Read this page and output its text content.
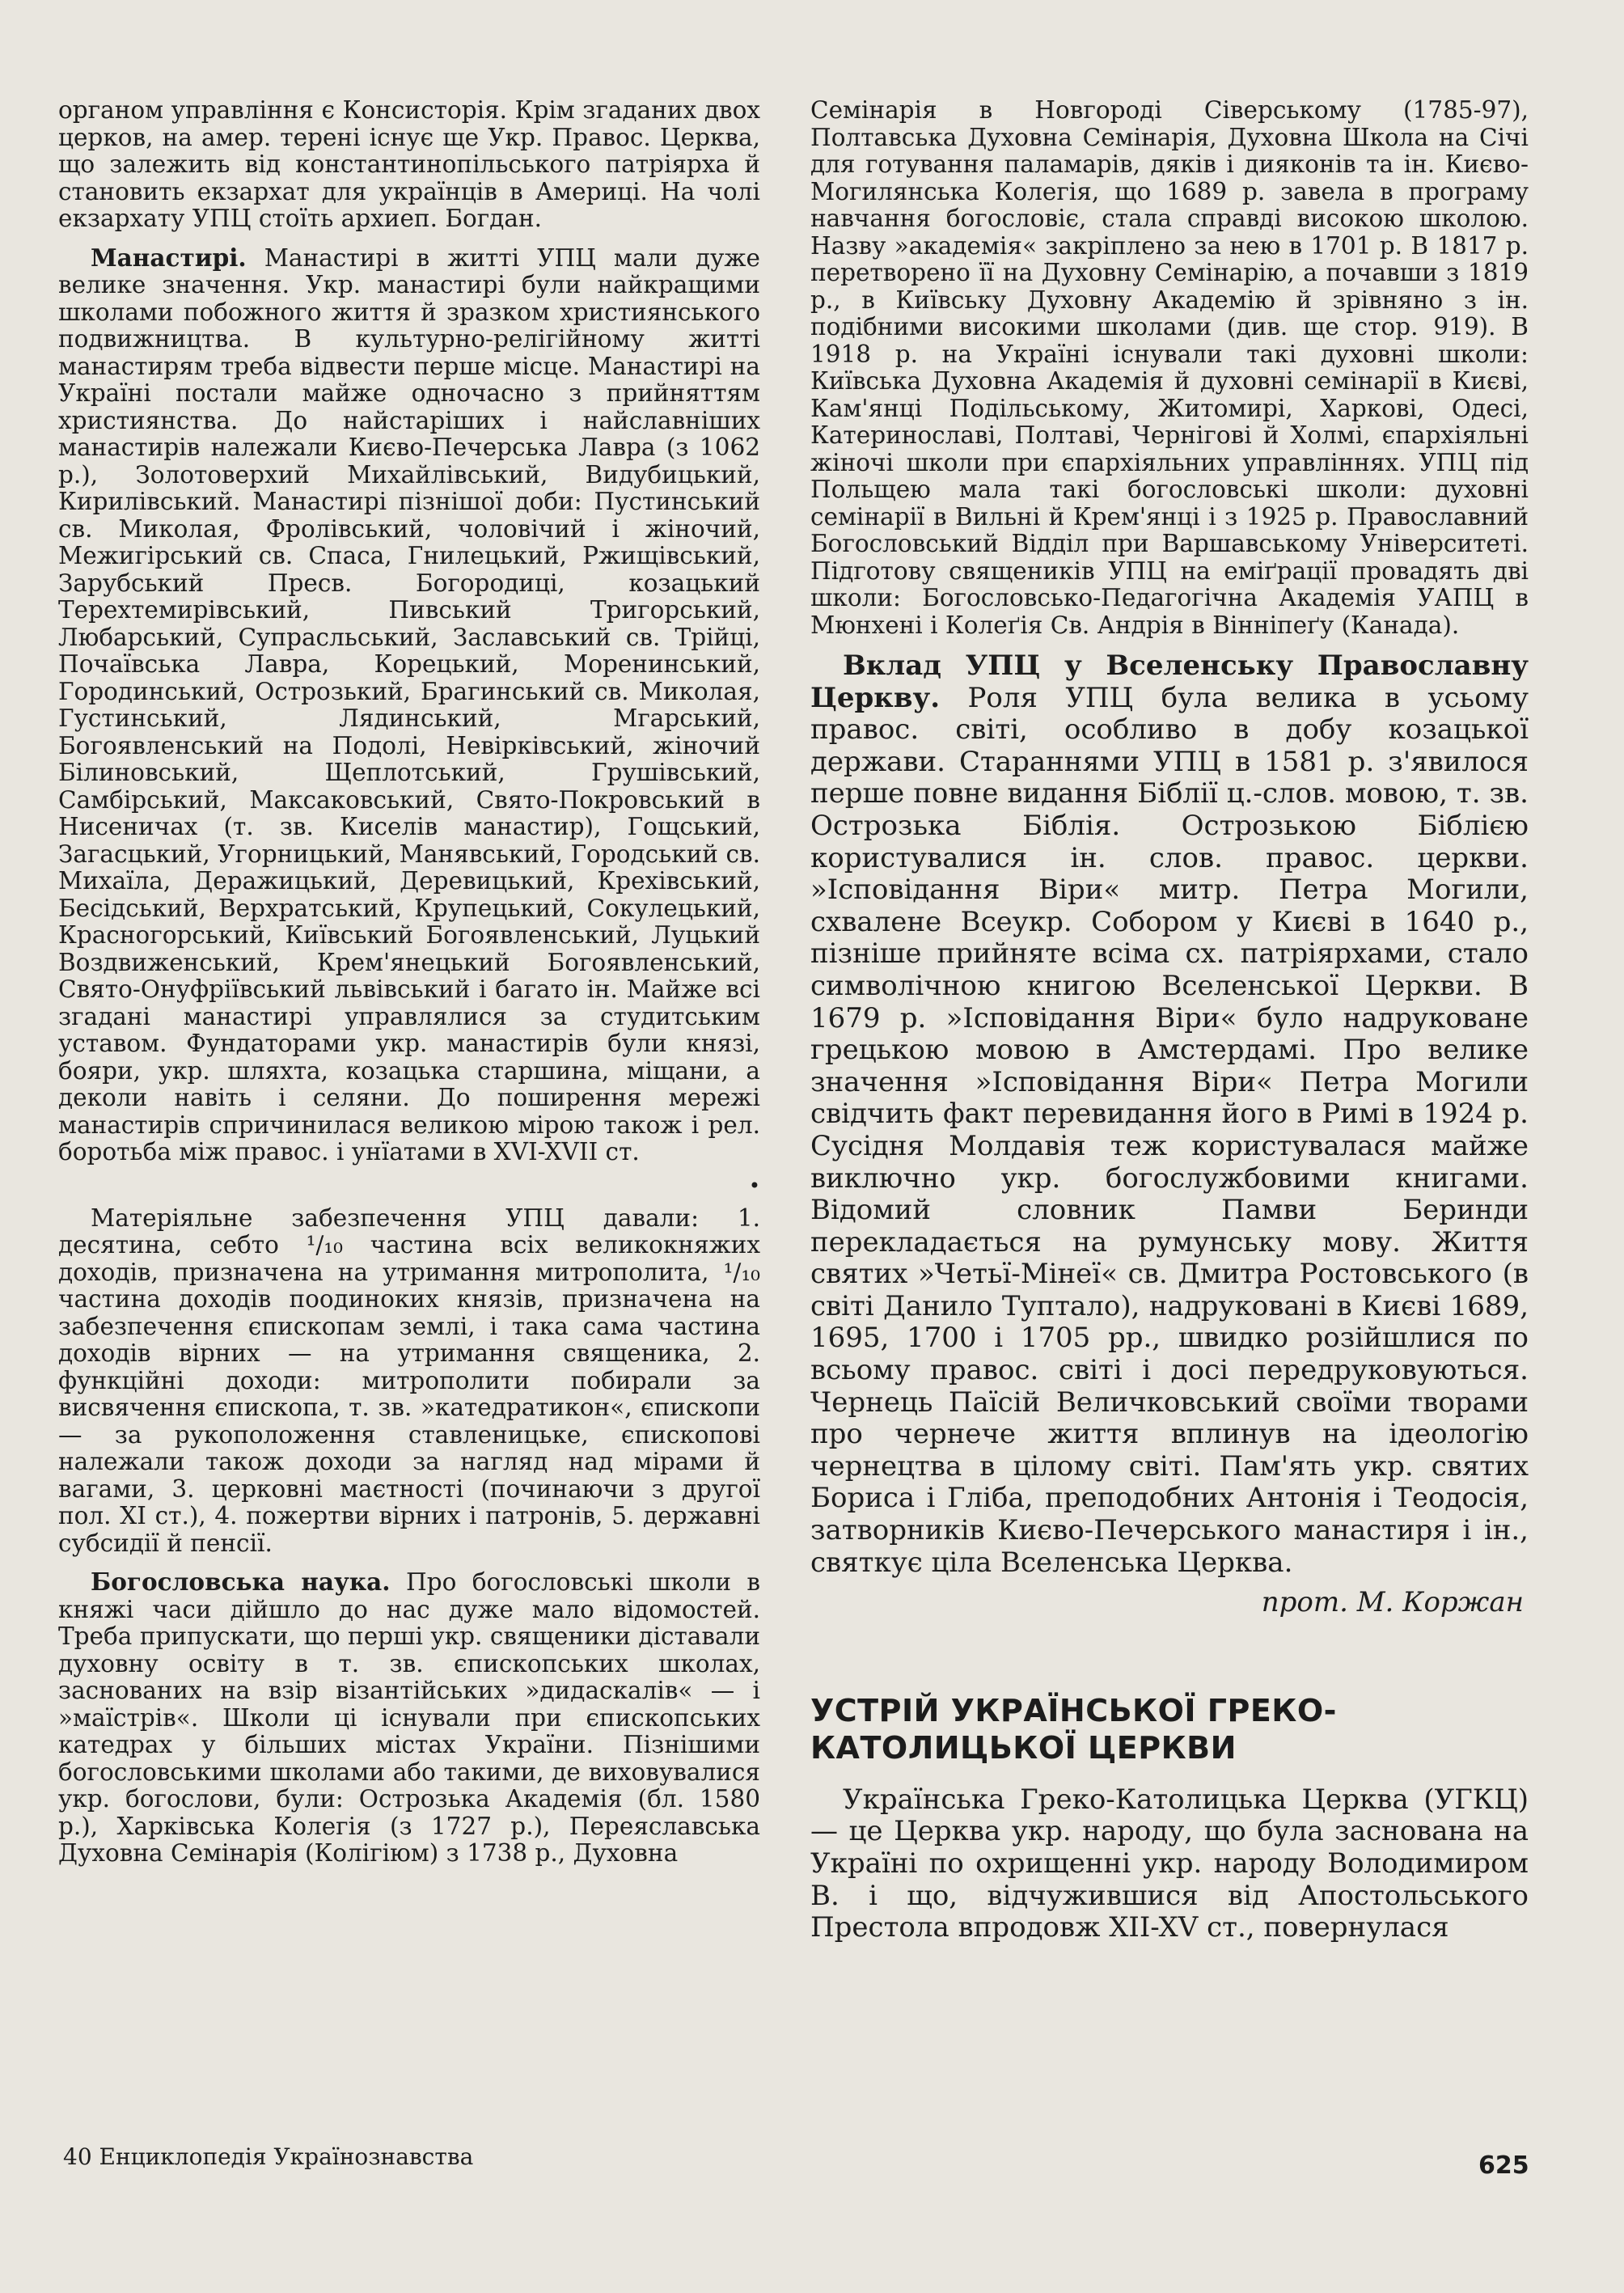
органом управління є Консисторія. Крім згаданих двох церков, на амер. терені існує ще Укр. Правос. Церква, що залежить від константинопільського патріярха й становить екзархат для українців в Америці. На чолі екзархату УПЦ стоїть архиеп. Богдан.

Манастирі. Манастирі в житті УПЦ мали дуже велике значення. Укр. манастирі були найкращими школами побожного життя й зразком християнського подвижництва. В культурно-релігійному житті манастирям треба відвести перше місце. Манастирі на Україні постали майже одночасно з прийняттям християнства. До найстаріших і найславніших манастирів належали Києво-Печерська Лавра (з 1062 р.), Золотоверхий Михайлівський, Видубицький, Кирилівський. Манастирі пізнішої доби: Пустинський св. Миколая, Фролівський, чоловічий і жіночий, Межигірський св. Спаса, Гнилецький, Ржищівський, Зарубський Пресв. Богородиці, козацький Терехтемирівський, Пивський Тригорський, Любарський, Супрасльський, Заславський св. Трійці, Почаївська Лавра, Корецький, Моренинський, Городинський, Острозький, Брагинський св. Миколая, Густинський, Лядинський, Мгарський, Богоявленський на Подолі, Невірківський, жіночий Білиновський, Щеплотський, Грушівський, Самбірський, Максаковський, Свято-Покровський в Нисеничах (т. зв. Киселів манастир), Гощський, Загасцький, Угорницький, Манявський, Городський св. Михаїла, Деражицький, Деревицький, Крехівський, Бесідський, Верхратський, Крупецький, Сокулецький, Красногорський, Київський Богоявленський, Луцький Воздвиженський, Крем'янецький Богоявленський, Свято-Онуфріївський львівський і багато ін. Майже всі згадані манастирі управлялися за студитським уставом. Фундаторами укр. манастирів були князі, бояри, укр. шляхта, козацька старшина, міщани, а деколи навіть і селяни. До поширення мережі манастирів спричинилася великою мірою також і рел. боротьба між правос. і унїатами в XVI-XVII ст.

•

Матеріяльне забезпечення УПЦ давали: 1. десятина, себто ¹/₁₀ частина всіх великокняжих доходів, призначена на утримання митрополита, ¹/₁₀ частина доходів поодиноких князів, призначена на забезпечення єпископам землі, і така сама частина доходів вірних — на утримання священика, 2. функційні доходи: митрополити побирали за висвячення єпископа, т. зв. »катедратикон«, єпископи — за рукоположення ставленицьке, єпископові належали також доходи за нагляд над мірами й вагами, 3. церковні маєтності (починаючи з другої пол. XI ст.), 4. пожертви вірних і патронів, 5. державні субсидії й пенсії.

Богословська наука. Про богословські школи в княжі часи дійшло до нас дуже мало відомостей. Треба припускати, що перші укр. священики діставали духовну освіту в т. зв. єпископських школах, заснованих на взір візантійських »дидаскалів« — і »маїстрів«. Школи ці існували при єпископських катедрах у більших містах України. Пізнішими богословськими школами або такими, де виховувалися укр. богослови, були: Острозька Академія (бл. 1580 р.), Харківська Колегія (з 1727 р.), Переяславська Духовна Семінарія (Колігіюм) з 1738 р., Духовна

Семінарія в Новгороді Сіверському (1785-97), Полтавська Духовна Семінарія, Духовна Школа на Січі для готування паламарів, дяків і дияконів та ін. Києво-Могилянська Колегія, що 1689 р. завела в програму навчання богословіє, стала справді високою школою. Назву »академія« закріплено за нею в 1701 р. В 1817 р. перетворено її на Духовну Семінарію, а почавши з 1819 р., в Київську Духовну Академію й зрівняно з ін. подібними високими школами (див. ще стор. 919). В 1918 р. на Україні існували такі духовні школи: Київська Духовна Академія й духовні семінарії в Києві, Кам'янці Подільському, Житомирі, Харкові, Одесі, Катеринославі, Полтаві, Чернігові й Холмі, єпархіяльні жіночі школи при єпархіяльних управліннях. УПЦ під Польщею мала такі богословські школи: духовні семінарії в Вильні й Крем'янці і з 1925 р. Православний Богословський Відділ при Варшавському Університеті. Підготову священиків УПЦ на еміґрації провадять дві школи: Богословсько-Педагогічна Академія УАПЦ в Мюнхені і Колеґія Св. Андрія в Вінніпеґу (Канада).

Вклад УПЦ у Вселенську Православну Церкву. Роля УПЦ була велика в усьому правос. світі, особливо в добу козацької держави. Стараннями УПЦ в 1581 р. з'явилося перше повне видання Біблії ц.-слов. мовою, т. зв. Острозька Біблія. Острозькою Біблією користувалися ін. слов. правос. церкви. »Ісповідання Віри« митр. Петра Могили, схвалене Всеукр. Собором у Києві в 1640 р., пізніше прийняте всіма сх. патріярхами, стало символічною книгою Вселенської Церкви. В 1679 р. »Ісповідання Віри« було надруковане грецькою мовою в Амстердамі. Про велике значення »Ісповідання Віри« Петра Могили свідчить факт перевидання його в Римі в 1924 р. Сусідня Молдавія теж користувалася майже виключно укр. богослужбовими книгами. Відомий словник Памви Беринди перекладається на румунську мову. Життя святих »Четьї-Мінеї« св. Дмитра Ростовського (в світі Данило Туптало), надруковані в Києві 1689, 1695, 1700 і 1705 рр., швидко розійшлися по всьому правос. світі і досі передруковуються. Чернець Паїсій Величковський своїми творами про чернече життя вплинув на ідеологію чернецтва в цілому світі. Пам'ять укр. святих Бориса і Гліба, преподобних Антонія і Теодосія, затворників Києво-Печерського манастиря і ін., святкує ціла Вселенська Церква.

прот. М. Коржан

УСТРІЙ УКРАЇНСЬКОЇ ГРЕКО-
КАТОЛИЦЬКОЇ ЦЕРКВИ

Українська Греко-Католицька Церква (УГКЦ) — це Церква укр. народу, що була заснована на Україні по охрищенні укр. народу Володимиром В. і що, відчужившися від Апостольського Престола впродовж XII-XV ст., повернулася

40 Енциклопедія Українознавства	625
